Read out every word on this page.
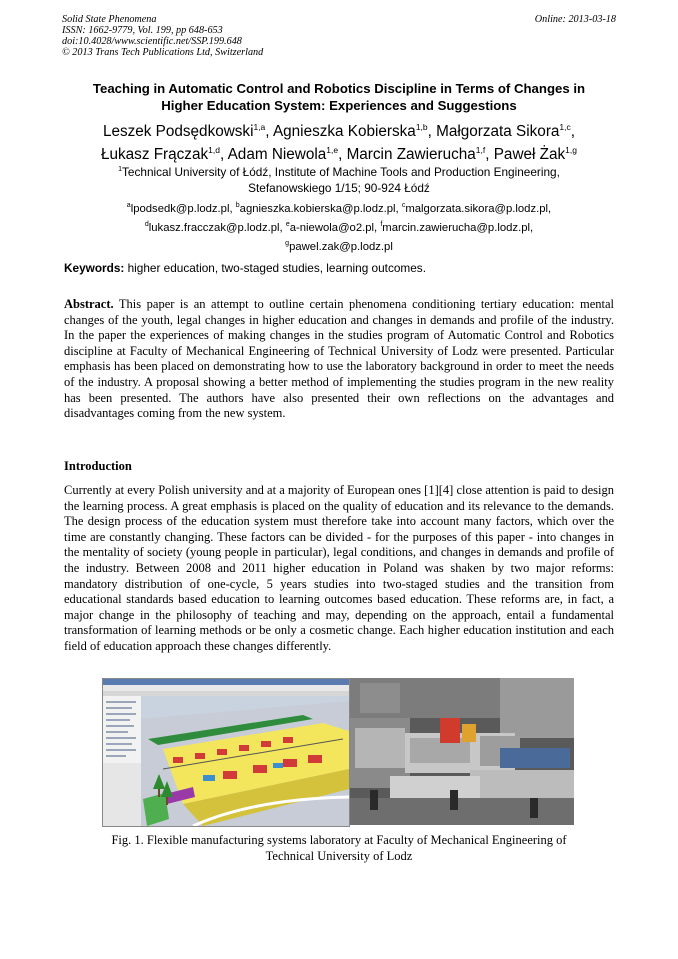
Solid State Phenomena
ISSN: 1662-9779, Vol. 199, pp 648-653
doi:10.4028/www.scientific.net/SSP.199.648
© 2013 Trans Tech Publications Ltd, Switzerland
Online: 2013-03-18
Teaching in Automatic Control and Robotics Discipline in Terms of Changes in
Higher Education System: Experiences and Suggestions
Leszek Podsędkowski$^{1,a}$, Agnieszka Kobierska$^{1,b}$, Małgorzata Sikora$^{1,c}$,
Łukasz Frączak$^{1,d}$, Adam Niewola$^{1,e}$, Marcin Zawierucha$^{1,f}$, Paweł Żak$^{1,g}$
$^1$Technical University of Łódź, Institute of Machine Tools and Production Engineering,
Stefanowskiego 1/15; 90-924 Łódź
$^a$lpodsedk@p.lodz.pl, $^b$agnieszka.kobierska@p.lodz.pl, $^c$malgorzata.sikora@p.lodz.pl,
$^d$lukasz.fracczak@p.lodz.pl, $^e$a-niewola@o2.pl, $^f$marcin.zawierucha@p.lodz.pl,
$^g$pawel.zak@p.lodz.pl
Keywords: higher education, two-staged studies, learning outcomes.
Abstract. This paper is an attempt to outline certain phenomena conditioning tertiary education: mental changes of the youth, legal changes in higher education and changes in demands and profile of the industry. In the paper the experiences of making changes in the studies program of Automatic Control and Robotics discipline at Faculty of Mechanical Engineering of Technical University of Lodz were presented. Particular emphasis has been placed on demonstrating how to use the laboratory background in order to meet the needs of the industry. A proposal showing a better method of implementing the studies program in the new reality has been presented. The authors have also presented their own reflections on the advantages and disadvantages coming from the new system.
Introduction
Currently at every Polish university and at a majority of European ones [1][4] close attention is paid to design the learning process. A great emphasis is placed on the quality of education and its relevance to the demands. The design process of the education system must therefore take into account many factors, which over the time are constantly changing. These factors can be divided - for the purposes of this paper - into changes in the mentality of society (young people in particular), legal conditions, and changes in demands and profile of the industry. Between 2008 and 2011 higher education in Poland was shaken by two major reforms: mandatory distribution of one-cycle, 5 years studies into two-staged studies and the transition from educational standards based education to learning outcomes based education. These reforms are, in fact, a major change in the philosophy of teaching and may, depending on the approach, entail a fundamental transformation of learning methods or be only a cosmetic change. Each higher education institution and each field of education approach these changes differently.
Fig. 1. Flexible manufacturing systems laboratory at Faculty of Mechanical Engineering of
Technical University of Lodz
